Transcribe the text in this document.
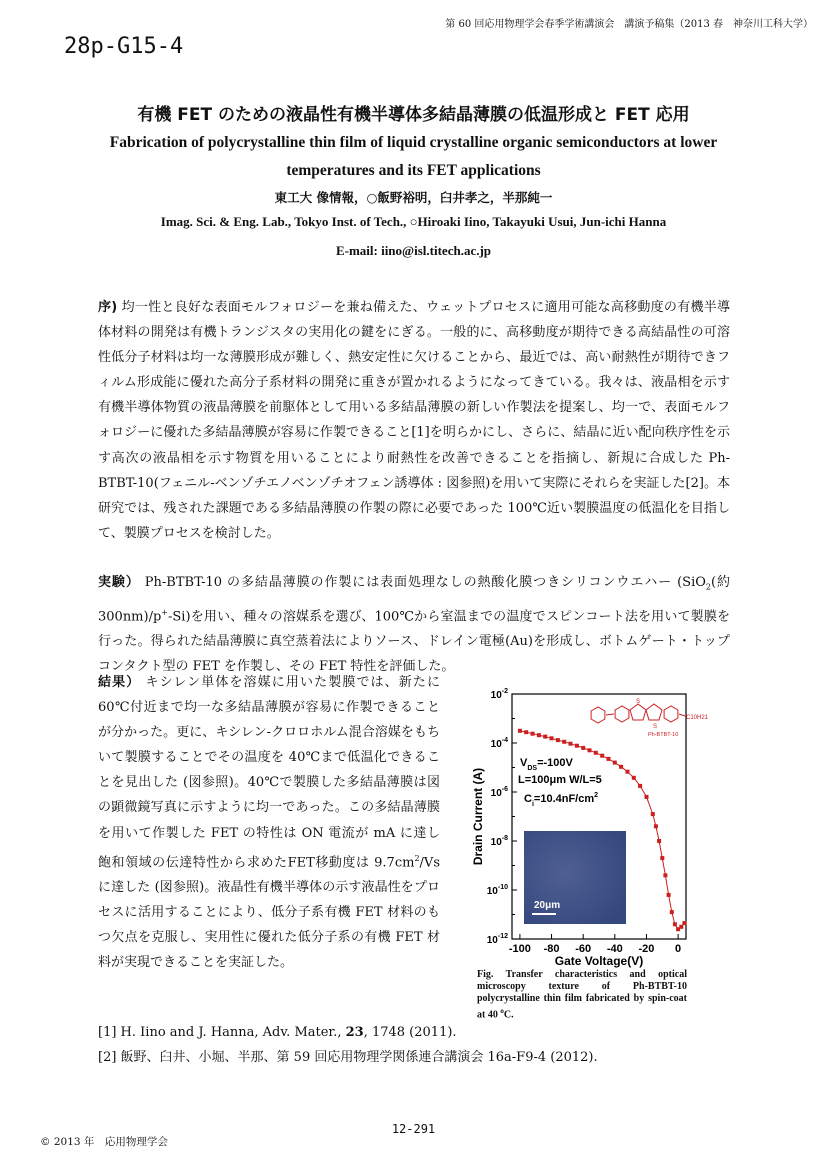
第 60 回応用物理学会春季学術講演会　講演予稿集（2013 春　神奈川工科大学）
28p-G15-4
有機 FET のための液晶性有機半導体多結晶薄膜の低温形成と FET 応用
Fabrication of polycrystalline thin film of liquid crystalline organic semiconductors at lower temperatures and its FET applications
東工大 像情報，○飯野裕明，臼井孝之，半那純一
Imag. Sci. & Eng. Lab., Tokyo Inst. of Tech., ○Hiroaki Iino, Takayuki Usui, Jun-ichi Hanna
E-mail: iino@isl.titech.ac.jp
序) 均一性と良好な表面モルフォロジーを兼ね備えた、ウェットプロセスに適用可能な高移動度の有機半導体材料の開発は有機トランジスタの実用化の鍵をにぎる。一般的に、高移動度が期待できる高結晶性の可溶性低分子材料は均一な薄膜形成が難しく、熱安定性に欠けることから、最近では、高い耐熱性が期待できフィルム形成能に優れた高分子系材料の開発に重きが置かれるようになってきている。我々は、液晶相を示す有機半導体物質の液晶薄膜を前駆体として用いる多結晶薄膜の新しい作製法を提案し、均一で、表面モルフォロジーに優れた多結晶薄膜が容易に作製できること[1]を明らかにし、さらに、結晶に近い配向秩序性を示す高次の液晶相を示す物質を用いることにより耐熱性を改善できることを指摘し、新規に合成した Ph-BTBT-10(フェニル-ベンゾチエノベンゾチオフェン誘導体 : 図参照)を用いて実際にそれらを実証した[2]。本研究では、残された課題である多結晶薄膜の作製の際に必要であった 100℃近い製膜温度の低温化を目指して、製膜プロセスを検討した。
実験） Ph-BTBT-10 の多結晶薄膜の作製には表面処理なしの熱酸化膜つきシリコンウエハー (SiO$_2$(約 300nm)/p+-Si)を用い、種々の溶媒系を選び、100℃から室温までの温度でスピンコート法を用いて製膜を行った。得られた結晶薄膜に真空蒸着法によりソース、ドレイン電極(Au)を形成し、ボトムゲート・トップコンタクト型の FET を作製し、その FET 特性を評価した。
結果） キシレン単体を溶媒に用いた製膜では、新たに 60℃付近まで均一な多結晶薄膜が容易に作製できることが分かった。更に、キシレン-クロロホルム混合溶媒をもちいて製膜することでその温度を 40℃まで低温化できることを見出した (図参照)。40℃で製膜した多結晶薄膜は図の顕微鏡写真に示すように均一であった。この多結晶薄膜を用いて作製した FET の特性は ON 電流が mA に達し飽和領域の伝達特性から求めたFET移動度は $9.7cm^2/Vs$ に達した (図参照)。液晶性有機半導体の示す液晶性をプロセスに活用することにより、低分子系有機 FET 材料のもつ欠点を克服し、実用性に優れた低分子系の有機 FET 材料が実現できることを実証した。
-100 -80 -60 -40 -20 0
$10^{-2}$
$10^{-4}$
$10^{-6}$
$10^{-8}$
$10^{-10}$
$10^{-12}$
Gate Voltage(V)
Drain Current (A)
20μm
$V_{DS}=-100V$
L=100μm W/L=5
$C_i=10.4nF/cm^2$
S
S
C10H21
Ph-BTBT-10
Fig. Transfer characteristics and optical microscopy texture of Ph-BTBT-10 polycrystalline thin film fabricated by spin-coat at 40 $^o$C.
[1] H. Iino and J. Hanna, Adv. Mater., 23, 1748 (2011).
[2] 飯野、臼井、小堀、半那、第 59 回応用物理学関係連合講演会 16a-F9-4 (2012).
12-291
© 2013 年　応用物理学会
